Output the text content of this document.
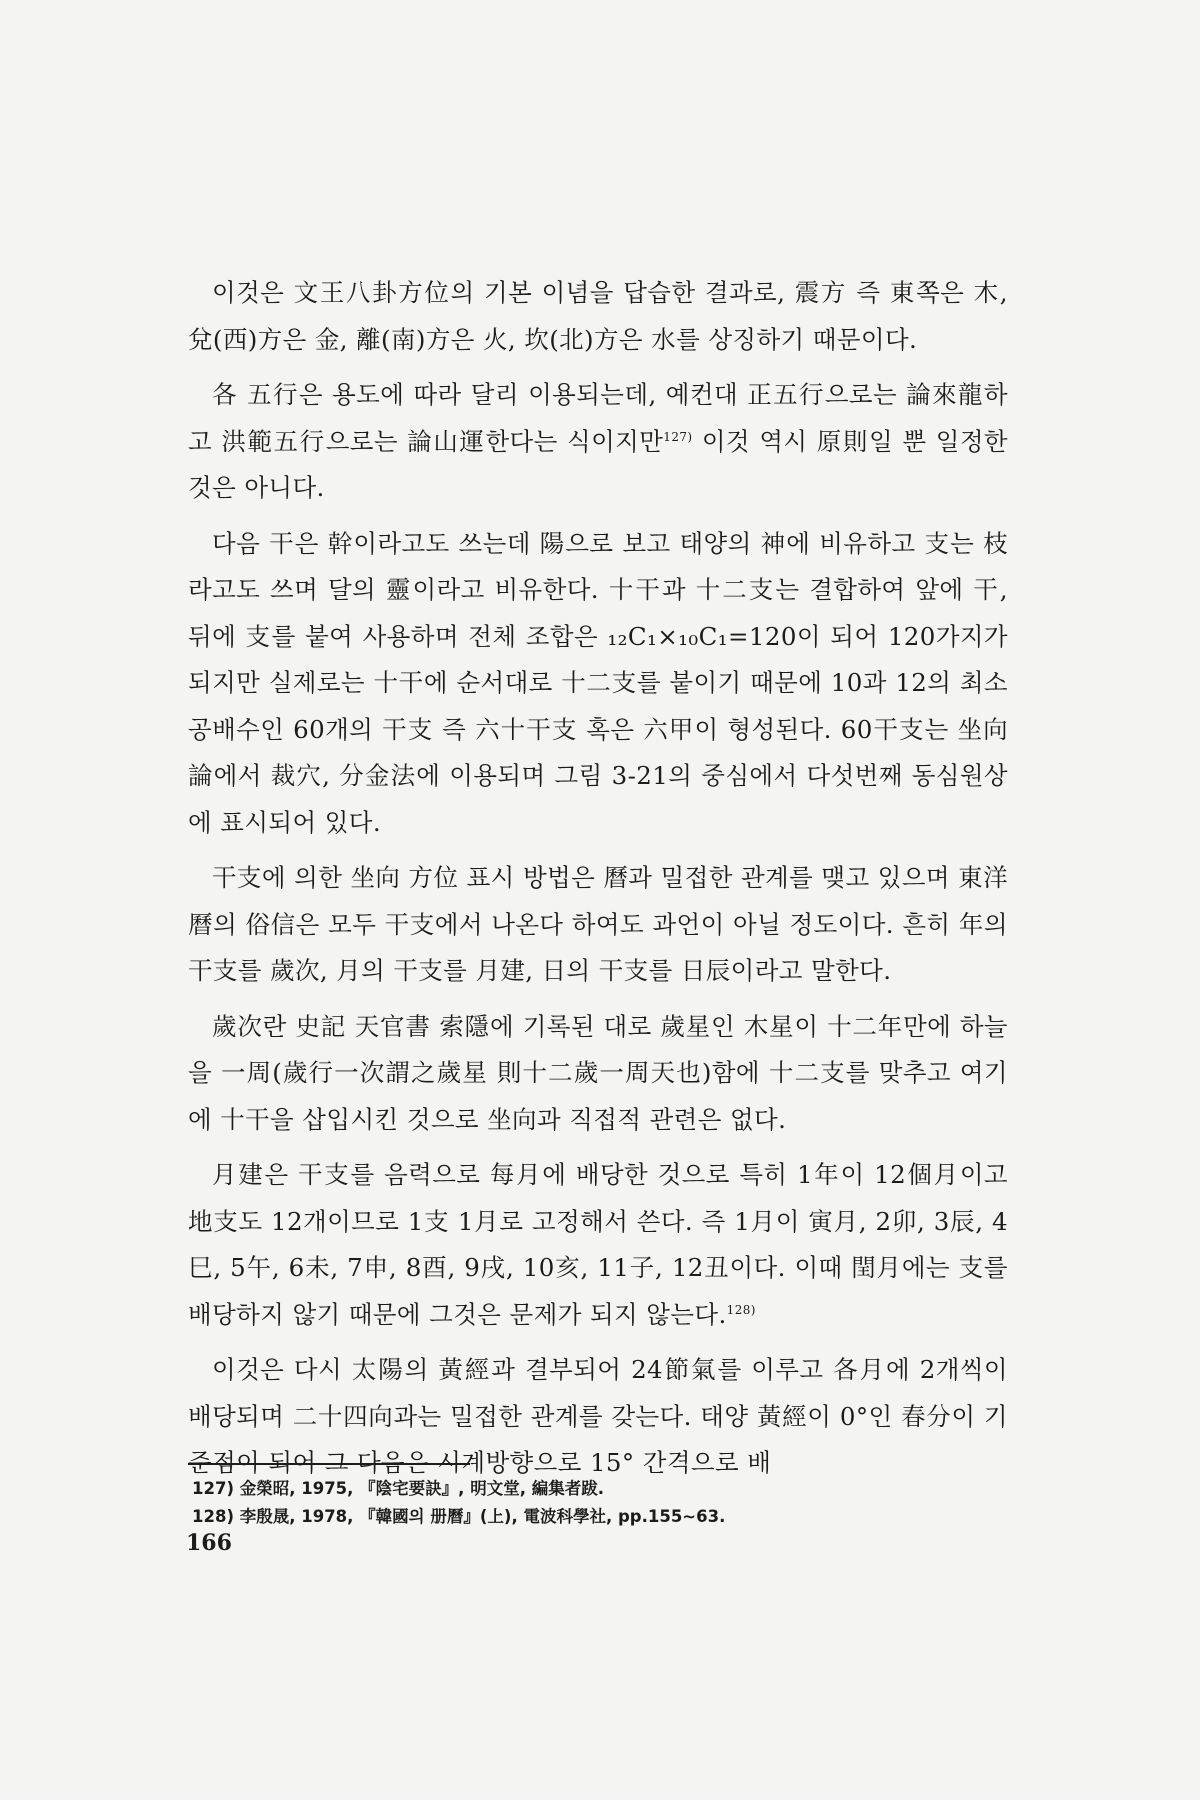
이것은 文王八卦方位의 기본 이념을 답습한 결과로, 震方 즉 東쪽은 木, 兌(西)方은 金, 離(南)方은 火, 坎(北)方은 水를 상징하기 때문이다.

各 五行은 용도에 따라 달리 이용되는데, 예컨대 正五行으로는 論來龍하고 洪範五行으로는 論山運한다는 식이지만$^{127)}$ 이것 역시 原則일 뿐 일정한 것은 아니다.

다음 干은 幹이라고도 쓰는데 陽으로 보고 태양의 神에 비유하고 支는 枝라고도 쓰며 달의 靈이라고 비유한다. 十干과 十二支는 결합하여 앞에 干, 뒤에 支를 붙여 사용하며 전체 조합은 ₁₂C₁×₁₀C₁=120이 되어 120가지가 되지만 실제로는 十干에 순서대로 十二支를 붙이기 때문에 10과 12의 최소공배수인 60개의 干支 즉 六十干支 혹은 六甲이 형성된다. 60干支는 坐向論에서 裁穴, 分金法에 이용되며 그림 3-21의 중심에서 다섯번째 동심원상에 표시되어 있다.

干支에 의한 坐向 方位 표시 방법은 曆과 밀접한 관계를 맺고 있으며 東洋曆의 俗信은 모두 干支에서 나온다 하여도 과언이 아닐 정도이다. 흔히 年의 干支를 歲次, 月의 干支를 月建, 日의 干支를 日辰이라고 말한다.

歲次란 史記 天官書 索隱에 기록된 대로 歲星인 木星이 十二年만에 하늘을 一周(歲行一次謂之歲星 則十二歲一周天也)함에 十二支를 맞추고 여기에 十干을 삽입시킨 것으로 坐向과 직접적 관련은 없다.

月建은 干支를 음력으로 每月에 배당한 것으로 특히 1年이 12個月이고 地支도 12개이므로 1支 1月로 고정해서 쓴다. 즉 1月이 寅月, 2卯, 3辰, 4巳, 5午, 6未, 7申, 8酉, 9戌, 10亥, 11子, 12丑이다. 이때 閏月에는 支를 배당하지 않기 때문에 그것은 문제가 되지 않는다.$^{128)}$

이것은 다시 太陽의 黃經과 결부되어 24節氣를 이루고 各月에 2개씩이 배당되며 二十四向과는 밀접한 관계를 갖는다. 태양 黃經이 0°인 春分이 기준점이 되어 그 다음은 시계방향으로 15° 간격으로 배

127) 金榮昭, 1975, 『陰宅要訣』, 明文堂, 編集者跋.
128) 李殷晟, 1978, 『韓國의 册曆』(上), 電波科學社, pp.155∼63.
166
